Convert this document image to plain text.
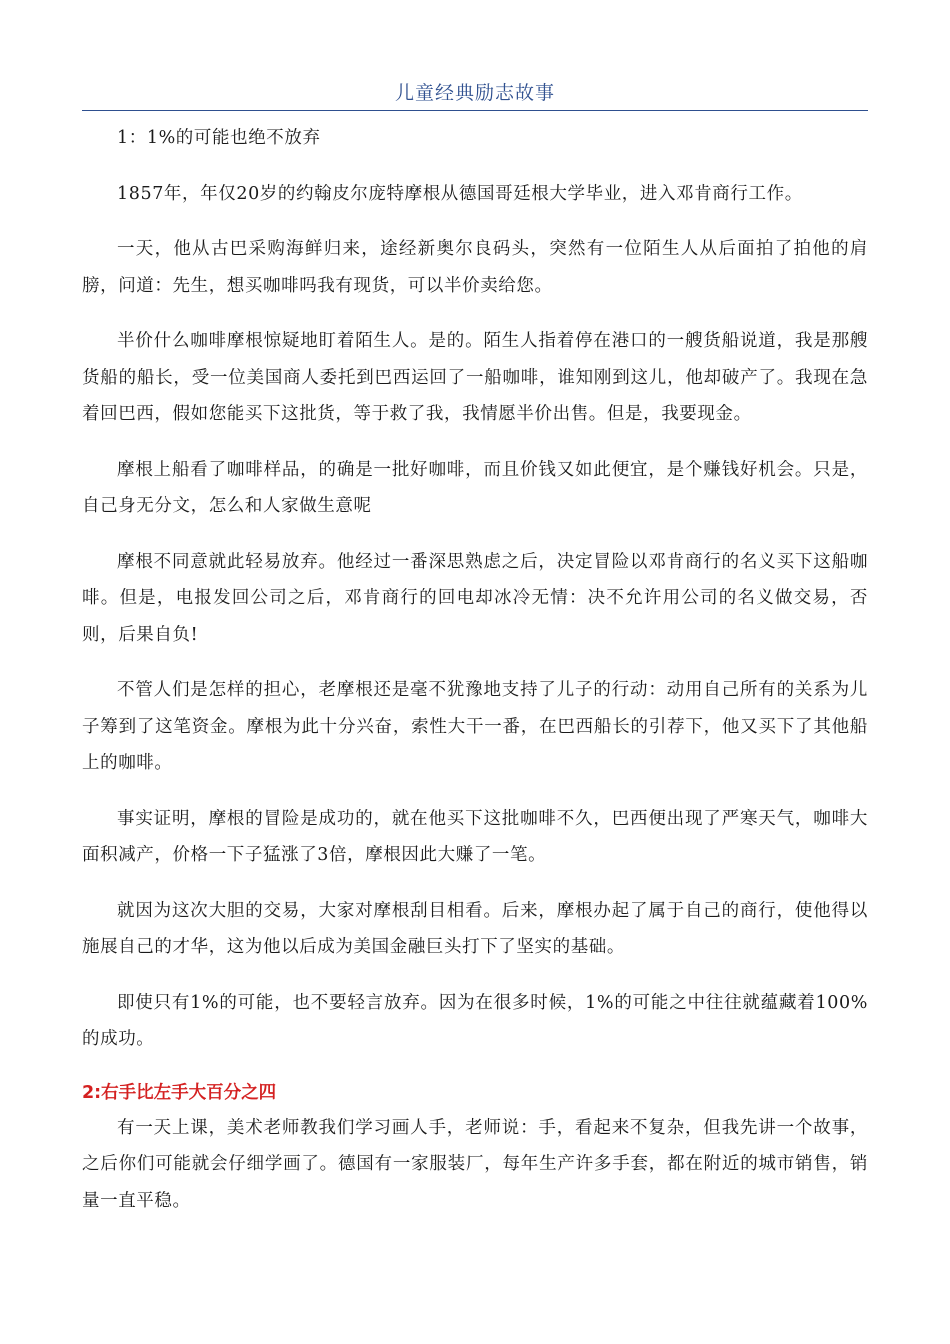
儿童经典励志故事

1：1%的可能也绝不放弃

1857年，年仅20岁的约翰皮尔庞特摩根从德国哥廷根大学毕业，进入邓肯商行工作。

一天，他从古巴采购海鲜归来，途经新奥尔良码头，突然有一位陌生人从后面拍了拍他的肩膀，问道：先生，想买咖啡吗我有现货，可以半价卖给您。

半价什么咖啡摩根惊疑地盯着陌生人。是的。陌生人指着停在港口的一艘货船说道，我是那艘货船的船长，受一位美国商人委托到巴西运回了一船咖啡，谁知刚到这儿，他却破产了。我现在急着回巴西，假如您能买下这批货，等于救了我，我情愿半价出售。但是，我要现金。

摩根上船看了咖啡样品，的确是一批好咖啡，而且价钱又如此便宜，是个赚钱好机会。只是，自己身无分文，怎么和人家做生意呢

摩根不同意就此轻易放弃。他经过一番深思熟虑之后，决定冒险以邓肯商行的名义买下这船咖啡。但是，电报发回公司之后，邓肯商行的回电却冰冷无情：决不允许用公司的名义做交易，否则，后果自负!

不管人们是怎样的担心，老摩根还是毫不犹豫地支持了儿子的行动：动用自己所有的关系为儿子筹到了这笔资金。摩根为此十分兴奋，索性大干一番，在巴西船长的引荐下，他又买下了其他船上的咖啡。

事实证明，摩根的冒险是成功的，就在他买下这批咖啡不久，巴西便出现了严寒天气，咖啡大面积减产，价格一下子猛涨了3倍，摩根因此大赚了一笔。

就因为这次大胆的交易，大家对摩根刮目相看。后来，摩根办起了属于自己的商行，使他得以施展自己的才华，这为他以后成为美国金融巨头打下了坚实的基础。

即使只有1%的可能，也不要轻言放弃。因为在很多时候，1%的可能之中往往就蕴藏着100%的成功。

2:右手比左手大百分之四

有一天上课，美术老师教我们学习画人手，老师说：手，看起来不复杂，但我先讲一个故事，之后你们可能就会仔细学画了。德国有一家服装厂，每年生产许多手套，都在附近的城市销售，销量一直平稳。
